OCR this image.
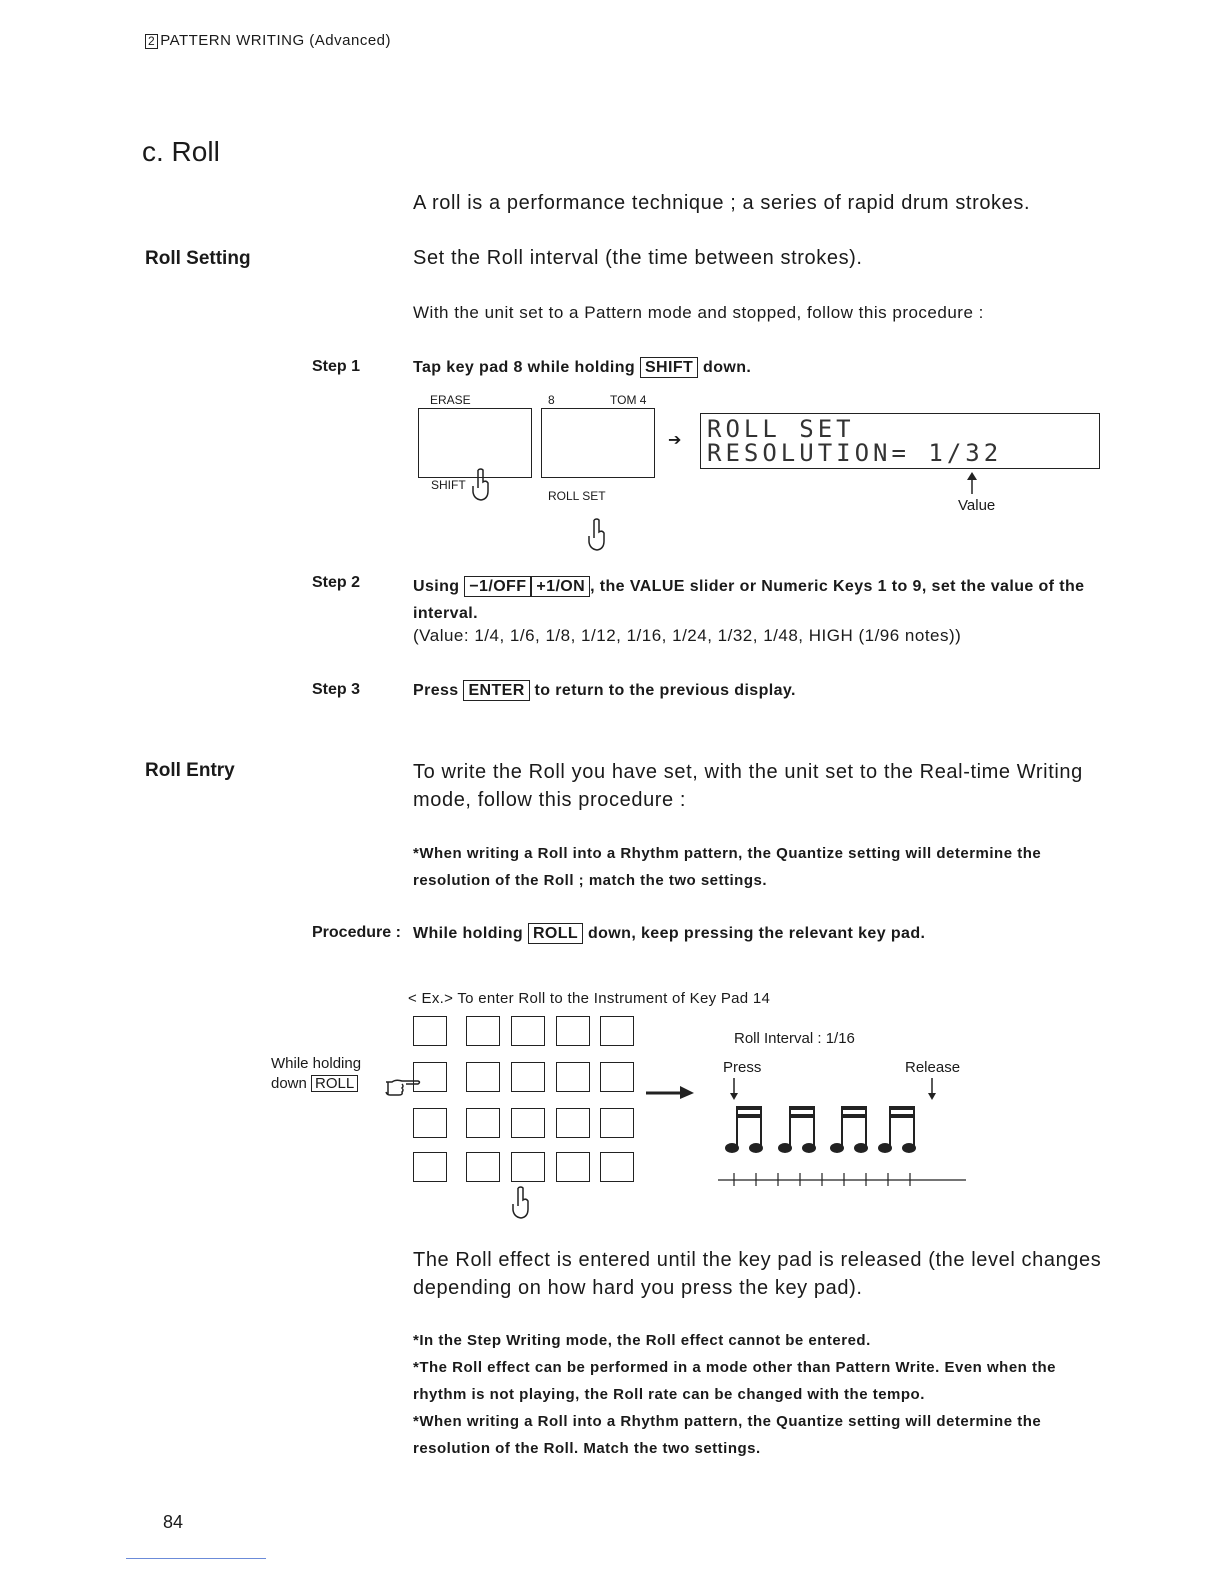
2 PATTERN WRITING (Advanced)
c. Roll
A roll is a performance technique ; a series of rapid drum strokes.
Roll Setting	Set the Roll interval (the time between strokes).
With the unit set to a Pattern mode and stopped, follow this procedure :
Step 1	Tap key pad 8 while holding SHIFT down.
ERASE	8	TOM 4
SHIFT
ROLL SET
➔ ROLL SET
RESOLUTION= 1/32
Value
Step 2	Using −1/OFF +1/ON , the VALUE slider or Numeric Keys 1 to 9, set the value of the interval.
(Value: 1/4, 1/6, 1/8, 1/12, 1/16, 1/24, 1/32, 1/48, HIGH (1/96 notes))
Step 3	Press ENTER to return to the previous display.
Roll Entry	To write the Roll you have set, with the unit set to the Real-time Writing mode, follow this procedure :
*When writing a Roll into a Rhythm pattern, the Quantize setting will determine the resolution of the Roll ; match the two settings.
Procedure : While holding ROLL down, keep pressing the relevant key pad.
< Ex.> To enter Roll to the Instrument of Key Pad 14
While holding
down ROLL
Roll Interval : 1/16
Press	Release
The Roll effect is entered until the key pad is released (the level changes depending on how hard you press the key pad).
*In the Step Writing mode, the Roll effect cannot be entered.
*The Roll effect can be performed in a mode other than Pattern Write. Even when the rhythm is not playing, the Roll rate can be changed with the tempo.
*When writing a Roll into a Rhythm pattern, the Quantize setting will determine the resolution of the Roll. Match the two settings.
84
